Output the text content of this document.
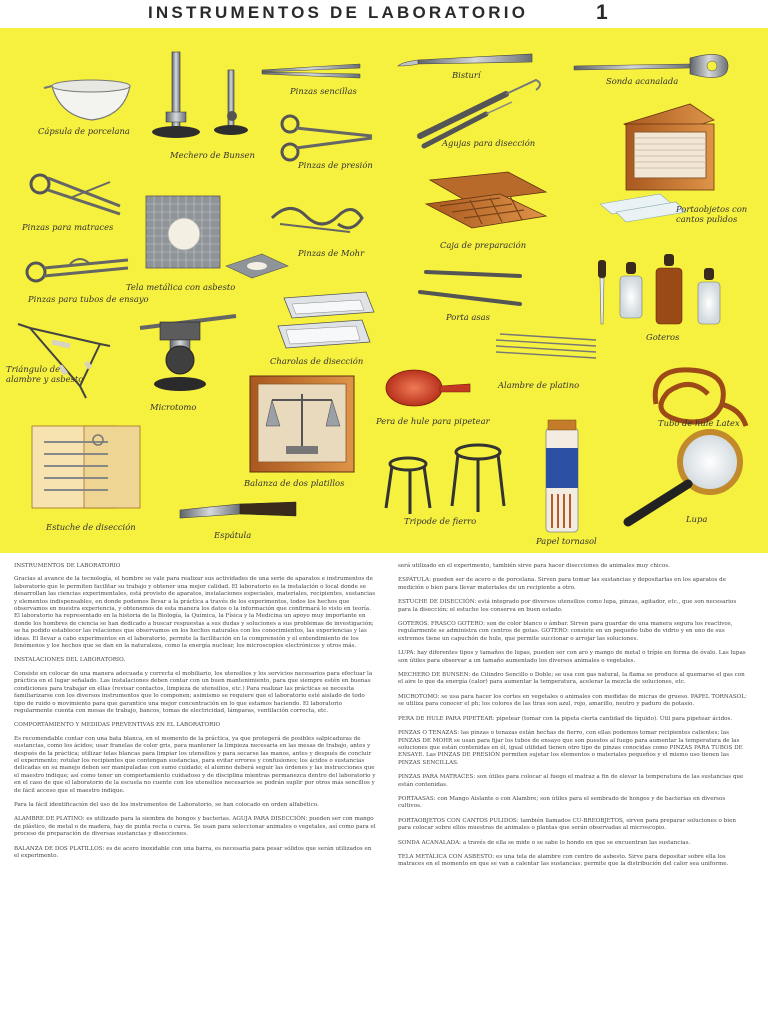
INSTRUMENTOS DE LABORATORIO	1
Cápsula de porcelana
Mechero de Bunsen
Pinzas sencillas
Bisturí
Sonda acanalada
Pinzas de presión
Agujas para disección
Pinzas para matraces
Tela metálica con asbesto
Pinzas de Mohr
Caja de preparación
Portaobjetos con cantos pulidos
Pinzas para tubos de ensayo
Porta asas
Goteros
Triángulo de alambre y asbesto
Microtomo
Charolas de disección
Alambre de platino
Pera de hule para pipetear	Tubo de hule Latex
Balanza de dos platillos
Estuche de disección
Espátula
Tripode de fierro
Papel tornasol
Lupa

INSTRUMENTOS DE LABORATORIO
Gracias al avance de la tecnología, el hombre se vale para realizar sus actividades de una serie de aparatos e instrumentos de laboratorio que le permiten facilitar su trabajo y obtener una mejor calidad. El laboratorio es la instalación o local donde se desarrollan las ciencias experimentales, está provisto de aparatos, instalaciones especiales, materiales, recipientes, sustancias y elementos indispensables, en donde podemos llevar a la práctica a través de los experimentos, todos los hechos que observamos en nuestra experiencia, y obtenemos de esta manera los datos o la información que confirmará lo visto en teoría. El laboratorio ha representado en la historia de la Biología, la Química, la Física y la Medicina un apoyo muy importante en donde los hombres de ciencia se han dedicado a buscar respuestas a sus dudas y soluciones a sus problemas de investigación; se ha podido establecer las relaciones que observamos en los hechos naturales con los conocimientos, las experiencias y las ideas. El llevar a cabo experimentos en el laboratorio, permite la facilitación en la comprensión y el entendimiento de los fenómenos y los hechos que se dan en la naturaleza, como la energía nuclear, los microscopios electrónicos y otros más.

INSTALACIONES DEL LABORATORIO.
Consiste en colocar de una manera adecuada y correcta el mobiliario, los utensilios y los servicios necesarios para efectuar la práctica en el lugar señalado. Las instalaciones deben contar con un buen mantenimiento, para que siempre estén en buenas condiciones para trabajar en ellas (revisar contactos, limpieza de utensilios, etc.) Para realizar las prácticas se necesita familiarizarse con los diversos instrumentos que lo componen; asimismo se requiere que el laboratorio esté aislado de todo tipo de ruido o movimiento para que garantice una mejor concentración en lo que estamos haciendo. El laboratorio regularmente cuenta con mesas de trabajo, bancos, tomas de electricidad, lámparas, ventilación correcta, etc.

COMPORTAMIENTO Y MEDIDAS PREVENTIVAS EN EL LABORATORIO
Es recomendable contar con una bata blanca, en el momento de la práctica, ya que protegerá de posibles salpicaduras de sustancias, como los ácidos; usar franelas de color gris, para mantener la limpieza necesaria en las mesas de trabajo, antes y después de la práctica; utilizar telas blancas para limpiar los utensilios y para secarse las manos, antes y después de concluir el experimento; rotular los recipientes que contengan sustancias, para evitar errores y confusiones; los ácidos o sustancias delicadas en su manejo deben ser manipuladas con sumo cuidado; el alumno deberá seguir las órdenes y las instrucciones que el maestro indique; así como tener un comportamiento cuidadoso y de disciplina mientras permanezca dentro del laboratorio y en el caso de que el laboratorio de la escuela no cuente con los utensilios necesarios se podrán suplir por otros más sencillos y de fácil acceso que el maestro indique.

Para la fácil identificación del uso de los instrumentos de Laboratorio, se han colocado en orden alfabético.

ALAMBRE DE PLATINO: es utilizado para la siembra de hongos y bacterias. AGUJA PARA DISECCIÓN: pueden ser con mango de plástico, de metal o de madera, hay de punta recta o curva. Se usan para seleccionar animales o vegetales, así como para el proceso de preparación de diversas sustancias y disecciones.

BALANZA DE DOS PLATILLOS: es de acero inoxidable con una barra, es necesaria para pesar sólidos que serán utilizados en el experimento.

será utilizado en el experimento, también sirve para hacer disecciones de animales muy chicos.

ESPÁTULA: pueden ser de acero o de porcelana. Sirven para tomar las sustancias y depositarlas en los aparatos de medición o bien para llevar materiales de un recipiente a otro.

ESTUCHE DE DISECCIÓN: está integrado por diversos utensilios como lupa, pinzas, agitador, etc., que son necesarios para la disección; el estuche los conserva en buen estado.

GOTEROS. FRASCO GOTERO: son de color blanco o ámbar. Sirven para guardar de una manera segura los reactivos, regularmente se administra con centros de gotas. GOTERO: consiste en un pequeño tubo de vidrio y en uno de sus extremos tiene un capuchón de hule, que permite succionar o arrojar las soluciones.

LUPA: hay diferentes tipos y tamaños de lupas, pueden ser con aro y mango de metal o trípie en forma de óvalo. Las lupas son útiles para observar a un tamaño aumentado los diversos animales o vegetales.

MECHERO DE BUNSEN: de Cilindro Sencillo o Doble; se usa con gas natural, la flama se produce al quemarse el gas con el aire lo que da energía (calor) para aumentar la temperatura, acelerar la mezcla de soluciones, etc.

MICROTOMO: se usa para hacer los cortes en vegetales o animales con medidas de micras de grueso. PAPEL TORNASOL: se utiliza para conocer el ph; los colores de las tiras son azul, rojo, amarillo, neutro y paduro de potasio.

PERA DE HULE PARA PIPETEAR: pipetear (tomar con la pipeta cierta cantidad de líquido). Útil para pipetear ácidos.

PINZAS O TENAZAS: las pinzas o tenazas están hechas de fierro, con ellas podemos tomar recipientes calientes; las PINZAS DE MOHR se usan para fijar los tubos de ensayo que son puestos al fuego para aumentar la temperatura de las soluciones que están contenidas en él, igual utilidad tienen otro tipo de pinzas conocidas como PINZAS PARA TUBOS DE ENSAYE. Las PINZAS DE PRESIÓN permiten sujetar los elementos o materiales pequeños y el mismo uso tienen las PINZAS SENCILLAS.

PINZAS PARA MATRACES: son útiles para colocar al fuego el matraz a fin de elevar la temperatura de las sustancias que están contenidas.

PORTAASAS: con Mango Aislante o con Alambre; son útiles para el sembrado de hongos y de bacterias en diversos cultivos.

PORTAOBJETOS CON CANTOS PULIDOS: también llamados CU-BREOBJETOS, sirven para preparar soluciones o bien para colocar sobre ellos muestras de animales o plantas que serán observadas al microscopio.

SONDA ACANALADA: a través de ella se mide o se sabe lo hondo en que se encuentran las sustancias.

TELA METÁLICA CON ASBESTO: es una tela de alambre con centro de asbesto. Sirve para depositar sobre ella los matraces en el momento en que se van a calentar las sustancias; permite que la distribución del calor sea uniforme.
